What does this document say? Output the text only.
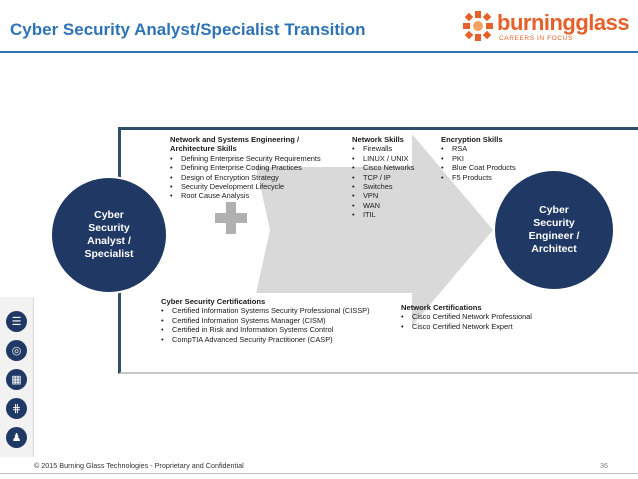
Cyber Security Analyst/Specialist Transition	burningglass
CAREERS IN FOCUS
Cyber Security Analyst / Specialist
Cyber Security Engineer / Architect
Network and Systems Engineering / Architecture Skills
• Defining Enterprise Security Requirements
• Defining Enterprise Coding Practices
• Design of Encryption Strategy
• Security Development Lifecycle
• Root Cause Analysis
Network Skills
• Firewalls
• LINUX / UNIX
• Cisco Networks
• TCP / IP
• Switches
• VPN
• WAN
• ITIL
Encryption Skills
• RSA
• PKI
• Blue Coat Products
• F5 Products
Cyber Security Certifications
• Certified Information Systems Security Professional (CISSP)
• Certified Information Systems Manager (CISM)
• Certified in Risk and Information Systems Control
• CompTIA Advanced Security Practitioner (CASP)
Network Certifications
• Cisco Certified Network Professional
• Cisco Certified Network Expert
☰
◎
▦
⋕
♟
© 2015 Burning Glass Technologies - Proprietary and Confidential	36
